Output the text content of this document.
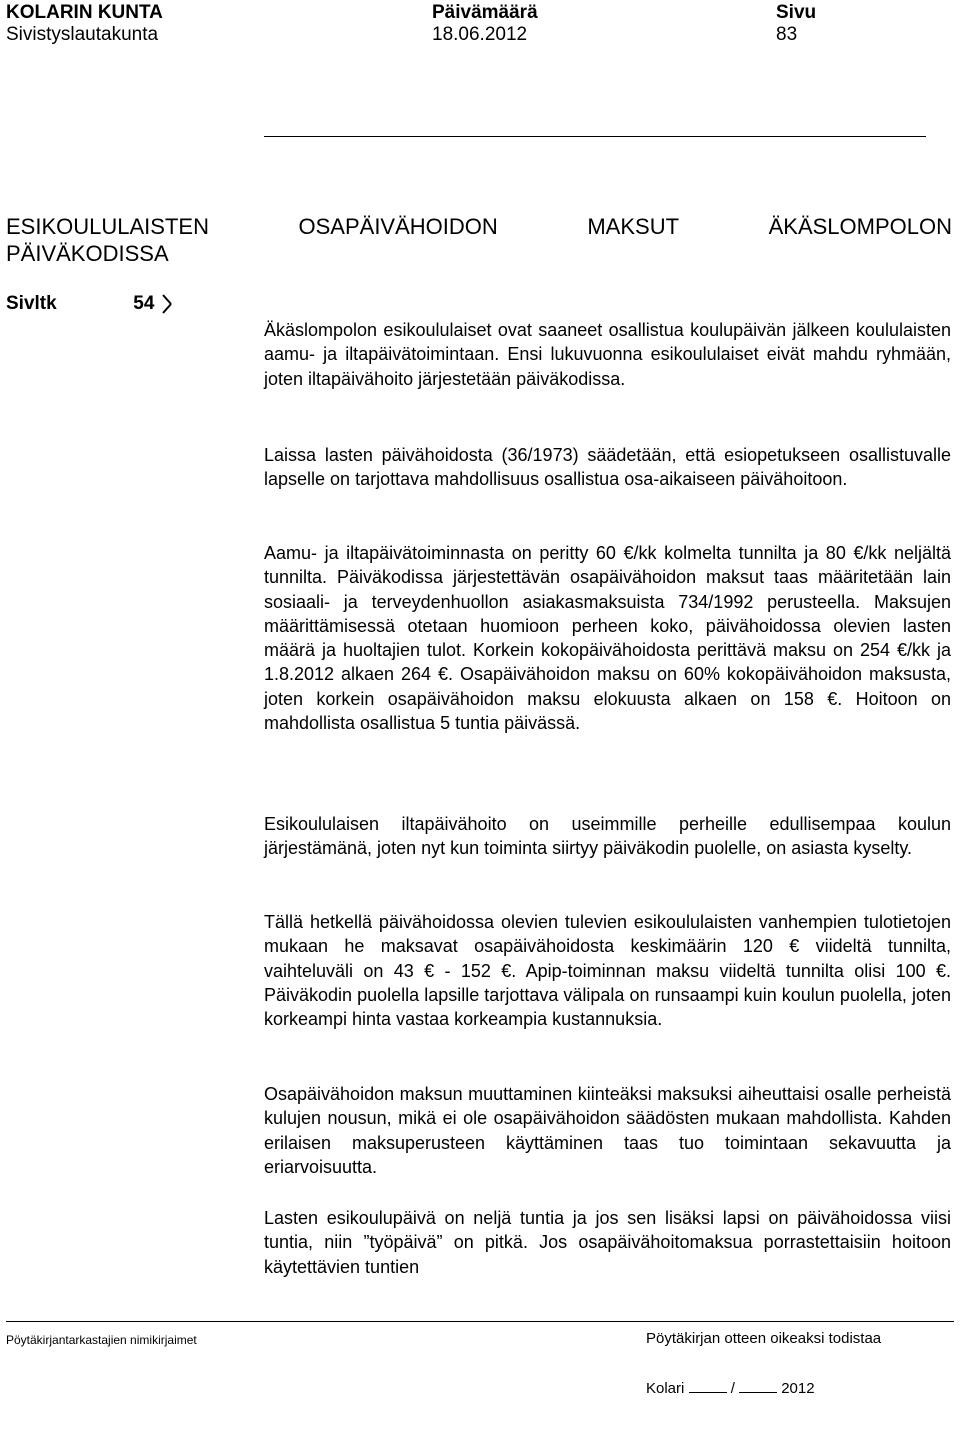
KOLARIN KUNTA	Päivämäärä	Sivu
Sivistyslautakunta	18.06.2012	83
ESIKOULULAISTEN	OSAPÄIVÄHOIDON	MAKSUT	ÄKÄSLOMPOLON
PÄIVÄKODISSA
Sivltk	54

Äkäslompolon esikoululaiset ovat saaneet osallistua koulupäivän jälkeen koululaisten aamu- ja iltapäivätoimintaan. Ensi lukuvuonna esikoululaiset eivät mahdu ryhmään, joten iltapäivähoito järjestetään päiväkodissa.

Laissa lasten päivähoidosta (36/1973) säädetään, että esiopetukseen osallistuvalle lapselle on tarjottava mahdollisuus osallistua osa-aikaiseen päivähoitoon.

Aamu- ja iltapäivätoiminnasta on peritty 60 €/kk kolmelta tunnilta ja 80 €/kk neljältä tunnilta. Päiväkodissa järjestettävän osapäivähoidon maksut taas määritetään lain sosiaali- ja terveydenhuollon asiakasmaksuista 734/1992 perusteella. Maksujen määrittämisessä otetaan huomioon perheen koko, päivähoidossa olevien lasten määrä ja huoltajien tulot. Korkein kokopäivähoidosta perittävä maksu on 254 €/kk ja 1.8.2012 alkaen 264 €. Osapäivähoidon maksu on 60% kokopäivähoidon maksusta, joten korkein osapäivähoidon maksu elokuusta alkaen on 158 €. Hoitoon on mahdollista osallistua 5 tuntia päivässä.

Esikoululaisen iltapäivähoito on useimmille perheille edullisempaa koulun järjestämänä, joten nyt kun toiminta siirtyy päiväkodin puolelle, on asiasta kyselty.

Tällä hetkellä päivähoidossa olevien tulevien esikoululaisten vanhempien tulotietojen mukaan he maksavat osapäivähoidosta keskimäärin 120 € viideltä tunnilta, vaihteluväli on 43 € - 152 €. Apip-toiminnan maksu viideltä tunnilta olisi 100 €. Päiväkodin puolella lapsille tarjottava välipala on runsaampi kuin koulun puolella, joten korkeampi hinta vastaa korkeampia kustannuksia.

Osapäivähoidon maksun muuttaminen kiinteäksi maksuksi aiheuttaisi osalle perheistä kulujen nousun, mikä ei ole osapäivähoidon säädösten mukaan mahdollista. Kahden erilaisen maksuperusteen käyttäminen taas tuo toimintaan sekavuutta ja eriarvoisuutta.

Lasten esikoulupäivä on neljä tuntia ja jos sen lisäksi lapsi on päivähoidossa viisi tuntia, niin ”työpäivä” on pitkä. Jos osapäivähoitomaksua porrastettaisiin hoitoon käytettävien tuntien

Pöytäkirjantarkastajien nimikirjaimet	Pöytäkirjan otteen oikeaksi todistaa
Kolari	/	2012
